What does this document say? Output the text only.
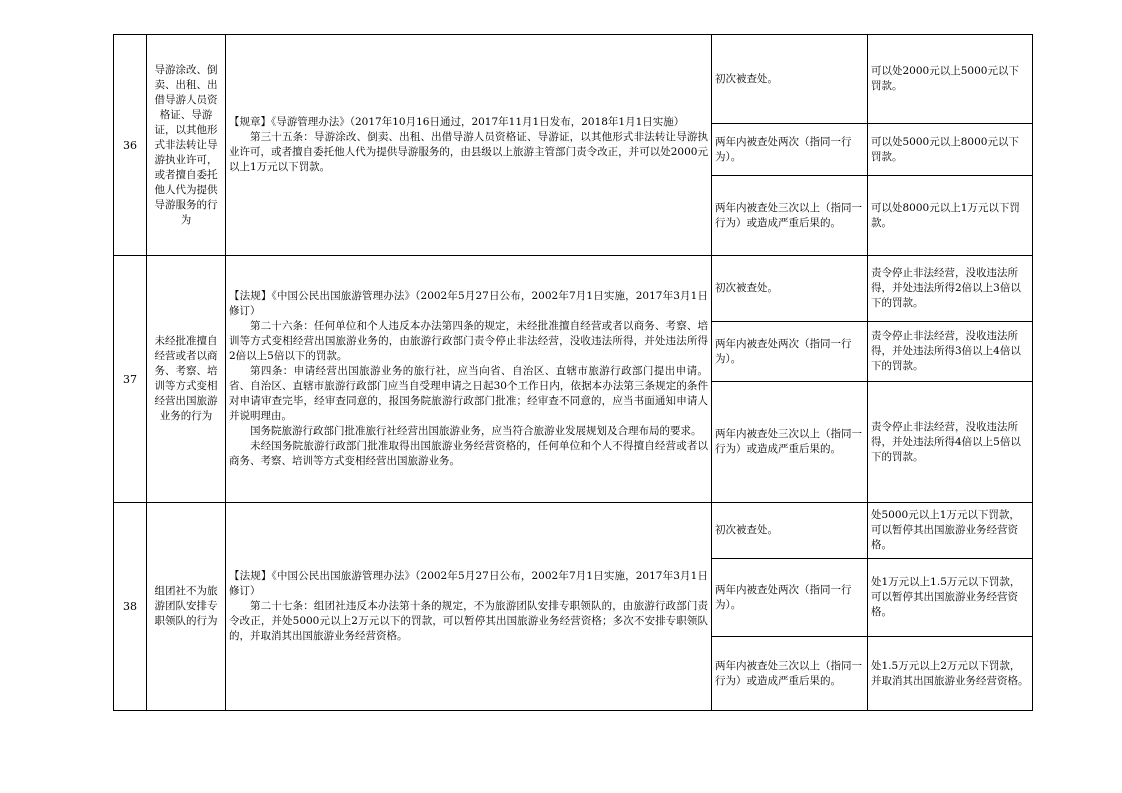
36	导游涂改、倒卖、出租、出借导游人员资格证、导游证，以其他形式非法转让导游执业许可，或者擅自委托他人代为提供导游服务的行为	【规章】《导游管理办法》（2017年10月16日通过，2017年11月1日发布，2018年1月1日实施）
第三十五条：导游涂改、倒卖、出租、出借导游人员资格证、导游证，以其他形式非法转让导游执业许可，或者擅自委托他人代为提供导游服务的，由县级以上旅游主管部门责令改正，并可以处2000元以上1万元以下罚款。	初次被查处。	可以处2000元以上5000元以下罚款。
			两年内被查处两次（指同一行为）。	可以处5000元以上8000元以下罚款。
			两年内被查处三次以上（指同一行为）或造成严重后果的。	可以处8000元以上1万元以下罚款。
37	未经批准擅自经营或者以商务、考察、培训等方式变相经营出国旅游业务的行为	【法规】《中国公民出国旅游管理办法》（2002年5月27日公布，2002年7月1日实施，2017年3月1日修订）
第二十六条：任何单位和个人违反本办法第四条的规定，未经批准擅自经营或者以商务、考察、培训等方式变相经营出国旅游业务的，由旅游行政部门责令停止非法经营，没收违法所得，并处违法所得2倍以上5倍以下的罚款。
第四条：申请经营出国旅游业务的旅行社，应当向省、自治区、直辖市旅游行政部门提出申请。省、自治区、直辖市旅游行政部门应当自受理申请之日起30个工作日内，依据本办法第三条规定的条件对申请审查完毕，经审查同意的，报国务院旅游行政部门批准；经审查不同意的，应当书面通知申请人并说明理由。
国务院旅游行政部门批准旅行社经营出国旅游业务，应当符合旅游业发展规划及合理布局的要求。
未经国务院旅游行政部门批准取得出国旅游业务经营资格的，任何单位和个人不得擅自经营或者以商务、考察、培训等方式变相经营出国旅游业务。	初次被查处。	责令停止非法经营，没收违法所得，并处违法所得2倍以上3倍以下的罚款。
			两年内被查处两次（指同一行为）。	责令停止非法经营，没收违法所得，并处违法所得3倍以上4倍以下的罚款。
			两年内被查处三次以上（指同一行为）或造成严重后果的。	责令停止非法经营，没收违法所得，并处违法所得4倍以上5倍以下的罚款。
38	组团社不为旅游团队安排专职领队的行为	【法规】《中国公民出国旅游管理办法》（2002年5月27日公布，2002年7月1日实施，2017年3月1日修订）
第二十七条：组团社违反本办法第十条的规定，不为旅游团队安排专职领队的，由旅游行政部门责令改正，并处5000元以上2万元以下的罚款，可以暂停其出国旅游业务经营资格；多次不安排专职领队的，并取消其出国旅游业务经营资格。	初次被查处。	处5000元以上1万元以下罚款，可以暂停其出国旅游业务经营资格。
			两年内被查处两次（指同一行为）。	处1万元以上1.5万元以下罚款，可以暂停其出国旅游业务经营资格。
			两年内被查处三次以上（指同一行为）或造成严重后果的。	处1.5万元以上2万元以下罚款，并取消其出国旅游业务经营资格。
